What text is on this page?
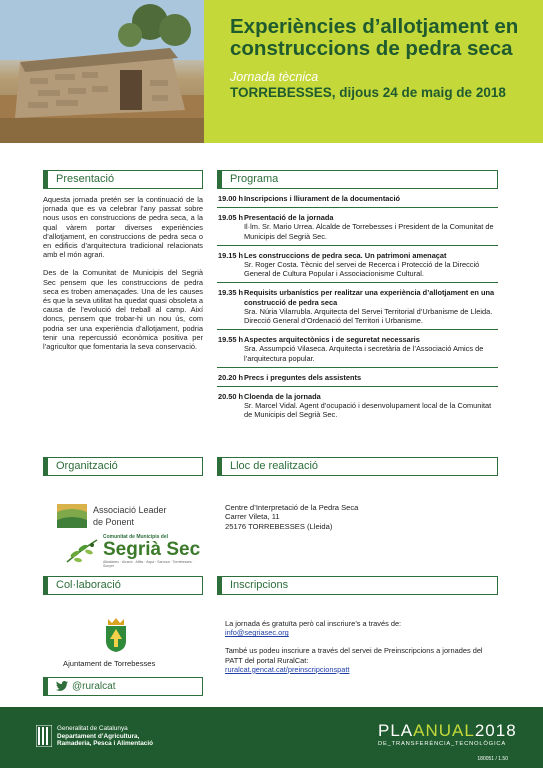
Experiències d’allotjament en construccions de pedra seca
Jornada tècnica
TORREBESSES, dijous 24 de maig de 2018
Presentació

Aquesta jornada pretén ser la continuació de la jornada que es va celebrar l’any passat sobre nous usos en construccions de pedra seca, a la qual vàrem portar diverses experiències d’allotjament, en construccions de pedra seca o en edificis d’arquitectura tradicional relacionats amb el món agrari.

Des de la Comunitat de Municipis del Segrià Sec pensem que les construccions de pedra seca es troben amenaçades. Una de les causes és que la seva utilitat ha quedat quasi obsoleta a causa de l’evolució del treball al camp. Així doncs, pensem que trobar-hi un nou ús, com podria ser una experiència d’allotjament, podria tenir una repercussió econòmica positiva per l’agricultor que fomentaria la seva conservació.

Programa
19.00 h Inscripcions i lliurament de la documentació
19.05 h Presentació de la jornada
Il·lm. Sr. Mario Urrea. Alcalde de Torrebesses i President de la Comunitat de Municipis del Segrià Sec.
19.15 h Les construccions de pedra seca. Un patrimoni amenaçat
Sr. Roger Costa. Tècnic del servei de Recerca i Protecció de la Direcció General de Cultura Popular i Associacionisme Cultural.
19.35 h Requisits urbanístics per realitzar una experiència d’allotjament en una construcció de pedra seca
Sra. Núria Vilarrubla. Arquitecta del Servei Territorial d’Urbanisme de Lleida. Direcció General d’Ordenació del Territori i Urbanisme.
19.55 h Aspectes arquitectònics i de seguretat necessaris
Sra. Assumpció Vilaseca. Arquitecta i secretària de l’Associació Amics de l’arquitectura popular.
20.20 h Precs i preguntes dels assistents
20.50 h Cloenda de la jornada
Sr. Marcel Vidal. Agent d’ocupació i desenvolupament local de la Comunitat de Municipis del Segrià Sec.
Organització
Associació Leader
de Ponent
Comunitat de Municipis del
Segrià Sec
Albatàrrec · Alcanó · Alfés · Aspa · Sarroca · Torrebesses · Sunyer
Lloc de realització
Centre d’Interpretació de la Pedra Seca
Carrer Vileta, 11
25176 TORREBESSES (Lleida)
Col·laboració
Ajuntament de Torrebesses
Inscripcions
La jornada és gratuïta però cal inscriure’s a través de:
info@segriasec.org
També us podeu inscriure a través del servei de Preinscripcions a jornades del PATT del portal RuralCat:
ruralcat.gencat.cat/preinscripcionspatt
@ruralcat
Generalitat de Catalunya
Departament d’Agricultura,
Ramaderia, Pesca i Alimentació
PLAANUAL2018
DE_TRANSFERÈNCIA_TECNOLÒGICA
180051 / 1.50
